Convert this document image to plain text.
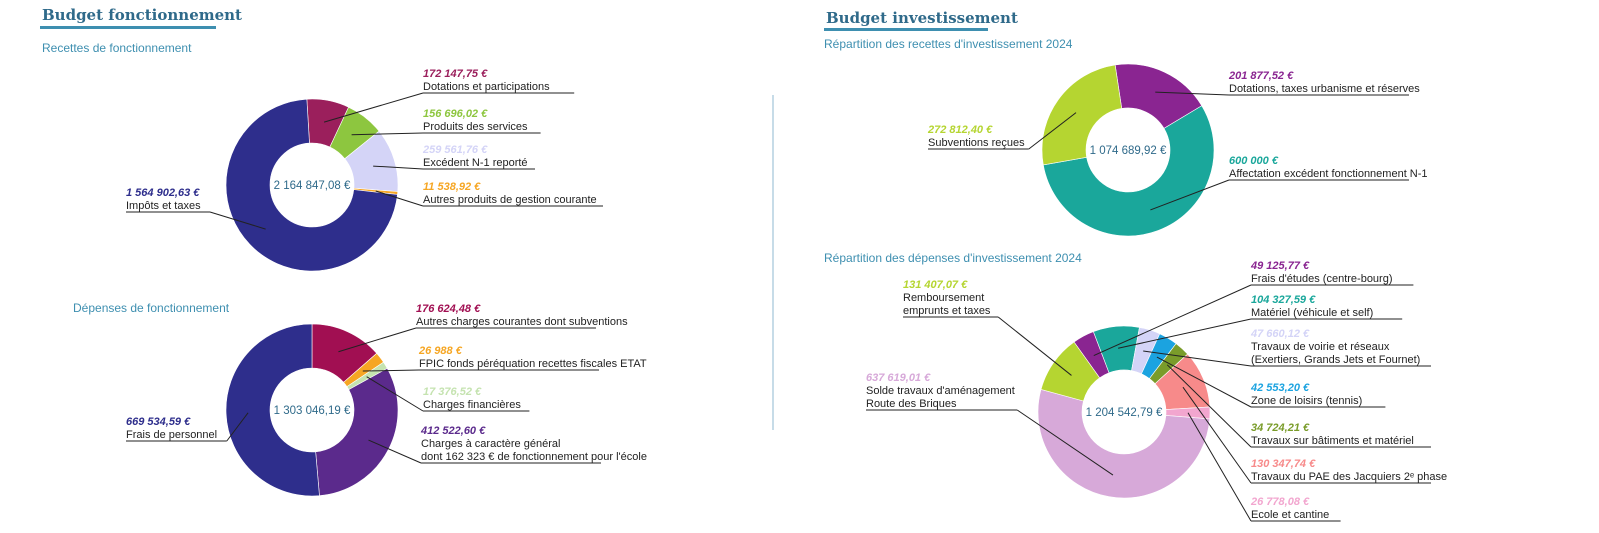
Budget fonctionnement	Budget investissement
Recettes de fonctionnement
Dépenses de fonctionnement
Répartition des recettes d'investissement 2024
Répartition des dépenses d'investissement 2024
2 164 847,08 €
1 564 902,63 €
Impôts et taxes
172 147,75 €
Dotations et participations
156 696,02 €
Produits des services
259 561,76 €
Excédent N-1 reporté
11 538,92 €
Autres produits de gestion courante
1 303 046,19 €
669 534,59 €
Frais de personnel
176 624,48 €
Autres charges courantes dont subventions
26 988 €
FPIC fonds péréquation recettes fiscales ETAT
17 376,52 €
Charges financières
412 522,60 €
Charges à caractère général dont 162 323 € de fonctionnement pour l'école
1 074 689,92 €
272 812,40 €
Subventions reçues
201 877,52 €
Dotations, taxes urbanisme et réserves
600 000 €
Affectation excédent fonctionnement N-1
1 204 542,79 €
131 407,07 €
Remboursement emprunts et taxes
49 125,77 €
Frais d'études (centre-bourg)
104 327,59 €
Matériel (véhicule et self)
47 660,12 €
Travaux de voirie et réseaux (Exertiers, Grands Jets et Fournet)
42 553,20 €
Zone de loisirs (tennis)
34 724,21 €
Travaux sur bâtiments et matériel
130 347,74 €
Travaux du PAE des Jacquiers 2ᵉ phase
26 778,08 €
Ecole et cantine
637 619,01 €
Solde travaux d'aménagement Route des Briques
